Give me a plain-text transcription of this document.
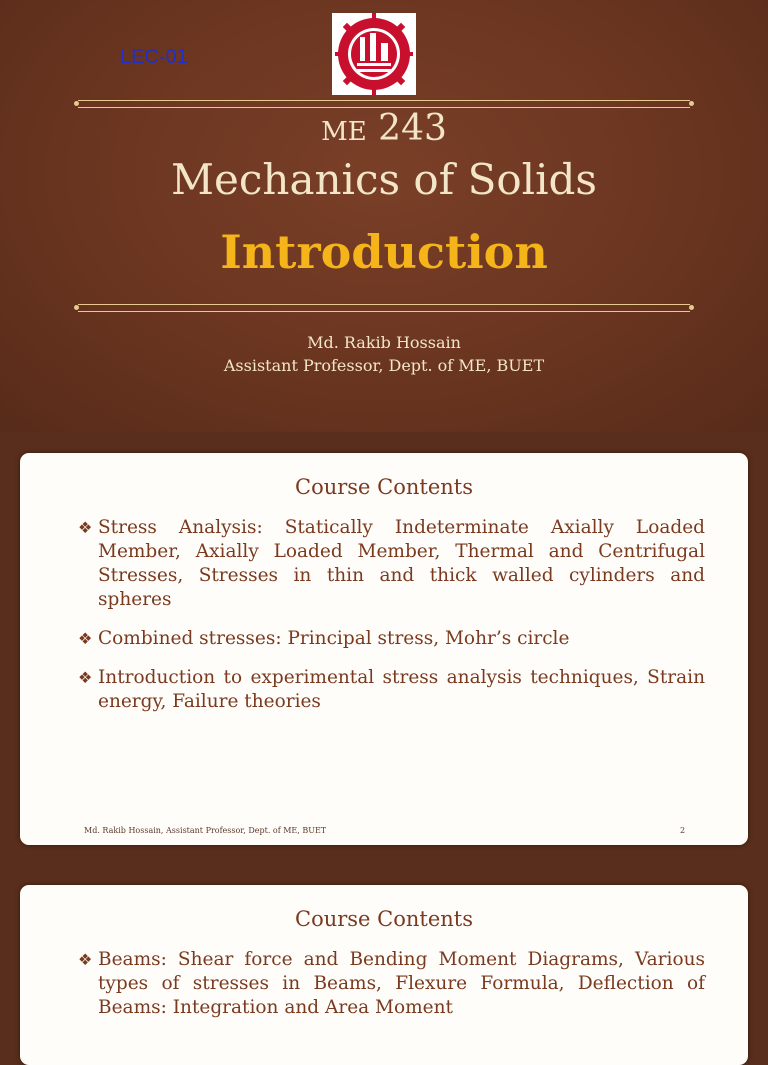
LEC-01
ME 243
Mechanics of Solids
Introduction
Md. Rakib Hossain
Assistant Professor, Dept. of ME, BUET
Course Contents
❖ Stress Analysis: Statically Indeterminate Axially Loaded Member, Axially Loaded Member, Thermal and Centrifugal Stresses, Stresses in thin and thick walled cylinders and spheres
❖ Combined stresses: Principal stress, Mohr’s circle
❖ Introduction to experimental stress analysis techniques, Strain energy, Failure theories
Md. Rakib Hossain, Assistant Professor, Dept. of ME, BUET	2
Course Contents
❖ Beams: Shear force and Bending Moment Diagrams, Various types of stresses in Beams, Flexure Formula, Deflection of Beams: Integration and Area Moment
